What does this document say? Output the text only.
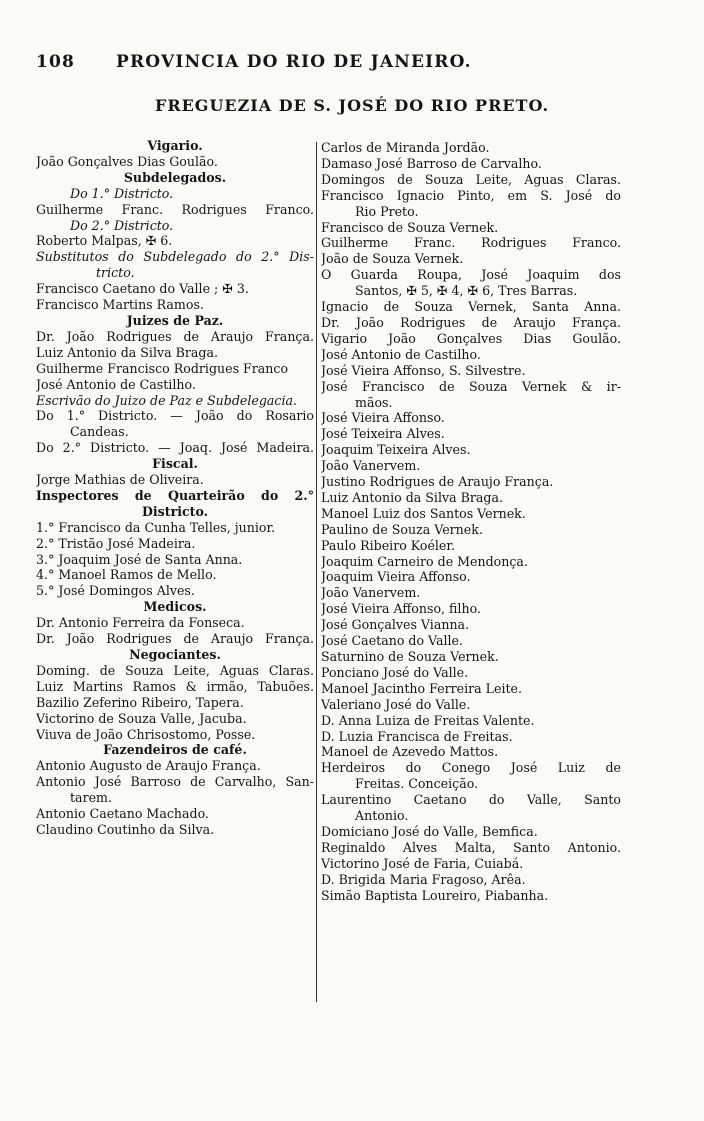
108 PROVINCIA DO RIO DE JANEIRO.
FREGUEZIA DE S. JOSÉ DO RIO PRETO.
Vigario.
João Gonçalves Dias Goulão.
Subdelegados.
Do 1.° Districto.
Guilherme Franc. Rodrigues Franco.
Do 2.° Districto.
Roberto Malpas, ✠ 6.
Substitutos do Subdelegado do 2.° Dis-
tricto.
Francisco Caetano do Valle ; ✠ 3.
Francisco Martins Ramos.
Juizes de Paz.
Dr. João Rodrigues de Araujo França.
Luiz Antonio da Silva Braga.
Guilherme Francisco Rodrigues Franco
José Antonio de Castilho.
Escrivão do Juizo de Paz e Subdelegacia.
Do 1.° Districto. — João do Rosario
Candeas.
Do 2.° Districto. — Joaq. José Madeira.
Fiscal.
Jorge Mathias de Oliveira.
Inspectores de Quarteirão do 2.°
Districto.
1.° Francisco da Cunha Telles, junior.
2.° Tristão José Madeira.
3.° Joaquim José de Santa Anna.
4.° Manoel Ramos de Mello.
5.° José Domingos Alves.
Medicos.
Dr. Antonio Ferreira da Fonseca.
Dr. João Rodrigues de Araujo França.
Negociantes.
Doming. de Souza Leite, Aguas Claras.
Luiz Martins Ramos & irmão, Tabuões.
Bazilio Zeferino Ribeiro, Tapera.
Victorino de Souza Valle, Jacuba.
Viuva de João Chrisostomo, Posse.
Fazendeiros de café.
Antonio Augusto de Araujo França.
Antonio José Barroso de Carvalho, San-
tarem.
Antonio Caetano Machado.
Claudino Coutinho da Silva.
Carlos de Miranda Jordão.
Damaso José Barroso de Carvalho.
Domingos de Souza Leite, Aguas Claras.
Francisco Ignacio Pinto, em S. José do
Rio Preto.
Francisco de Souza Vernek.
Guilherme Franc. Rodrigues Franco.
João de Souza Vernek.
O Guarda Roupa, José Joaquim dos
Santos, ✠ 5, ✠ 4, ✠ 6, Tres Barras.
Ignacio de Souza Vernek, Santa Anna.
Dr. João Rodrigues de Araujo França.
Vigario João Gonçalves Dias Goulão.
José Antonio de Castilho.
José Vieira Affonso, S. Silvestre.
José Francisco de Souza Vernek & ir-
mãos.
José Vieira Affonso.
José Teixeira Alves.
Joaquim Teixeira Alves.
João Vanervem.
Justino Rodrigues de Araujo França.
Luiz Antonio da Silva Braga.
Manoel Luiz dos Santos Vernek.
Paulino de Souza Vernek.
Paulo Ribeiro Koéler.
Joaquim Carneiro de Mendonça.
Joaquim Vieira Affonso.
João Vanervem.
José Vieira Affonso, filho.
José Gonçalves Vianna.
José Caetano do Valle.
Saturnino de Souza Vernek.
Ponciano José do Valle.
Manoel Jacintho Ferreira Leite.
Valeriano José do Valle.
D. Anna Luiza de Freitas Valente.
D. Luzia Francisca de Freitas.
Manoel de Azevedo Mattos.
Herdeiros do Conego José Luiz de
Freitas. Conceição.
Laurentino Caetano do Valle, Santo
Antonio.
Domiciano José do Valle, Bemfica.
Reginaldo Alves Malta, Santo Antonio.
Victorino José de Faria, Cuiabá.
D. Brigida Maria Fragoso, Arêa.
Simão Baptista Loureiro, Piabanha.
